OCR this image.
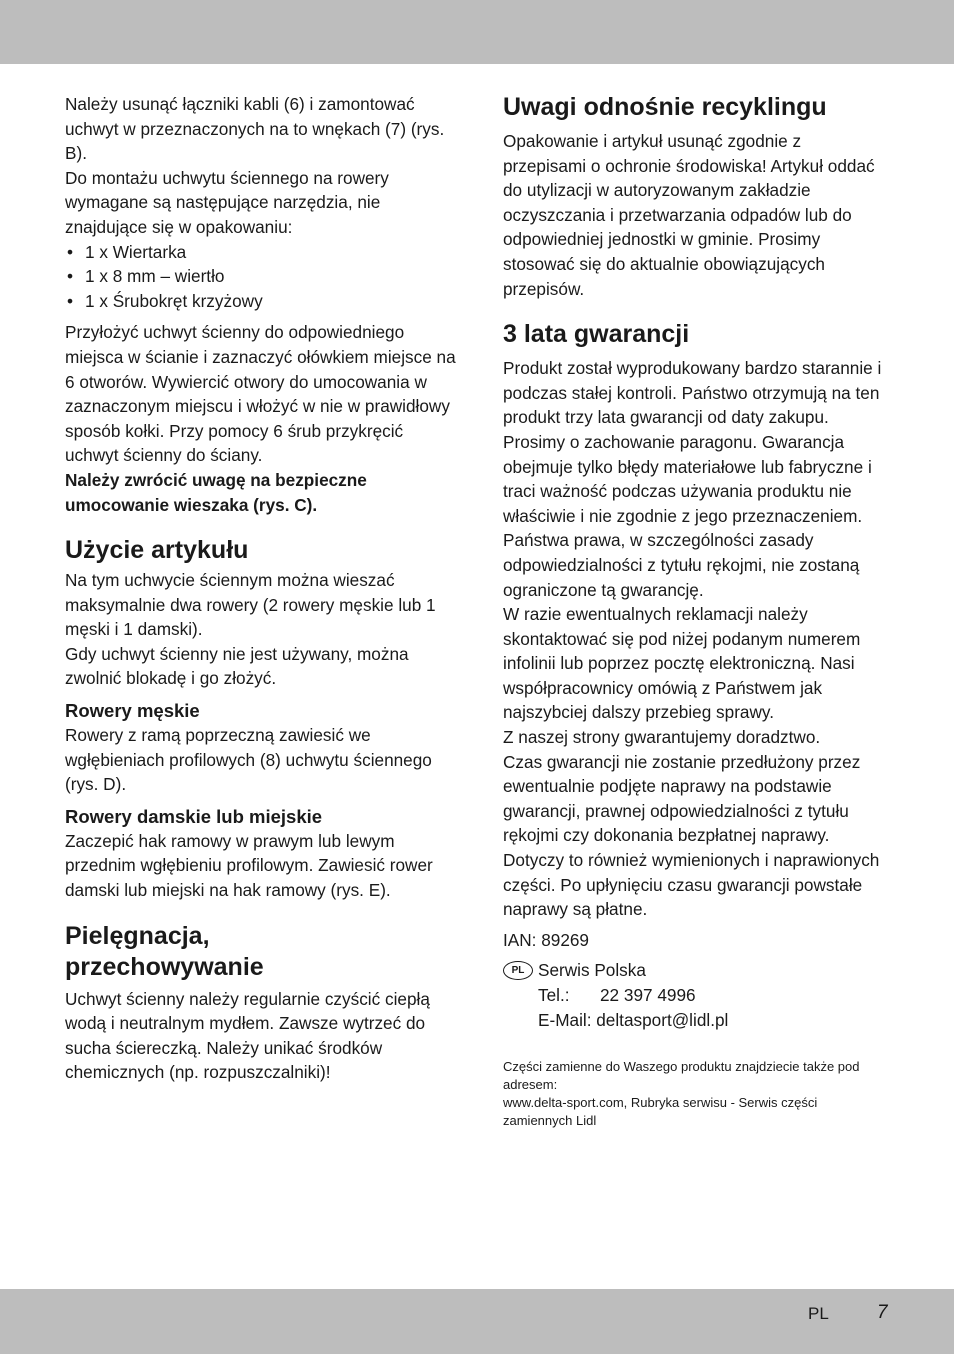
Należy usunąć łączniki kabli (6) i zamontować uchwyt w przeznaczonych na to wnękach (7) (rys. B).

Do montażu uchwytu ściennego na rowery wymagane są następujące narzędzia, nie znajdujące się w opakowaniu:

• 1 x Wiertarka
• 1 x 8 mm – wiertło
• 1 x Śrubokręt krzyżowy

Przyłożyć uchwyt ścienny do odpowiedniego miejsca w ścianie i zaznaczyć ołówkiem miejsce na 6 otworów. Wywiercić otwory do umocowania w zaznaczonym miejscu i włożyć w nie w prawidłowy sposób kołki. Przy pomocy 6 śrub przykręcić uchwyt ścienny do ściany.

Należy zwrócić uwagę na bezpieczne umocowanie wieszaka (rys. C).

Użycie artykułu

Na tym uchwycie ściennym można wieszać maksymalnie dwa rowery (2 rowery męskie lub 1 męski i 1 damski).

Gdy uchwyt ścienny nie jest używany, można zwolnić blokadę i go złożyć.

Rowery męskie

Rowery z ramą poprzeczną zawiesić we wgłębieniach profilowych (8) uchwytu ściennego (rys. D).

Rowery damskie lub miejskie

Zaczepić hak ramowy w prawym lub lewym przednim wgłębieniu profilowym. Zawiesić rower damski lub miejski na hak ramowy (rys. E).

Pielęgnacja,
przechowywanie

Uchwyt ścienny należy regularnie czyścić ciepłą wodą i neutralnym mydłem. Zawsze wytrzeć do sucha ściereczką. Należy unikać środków chemicznych (np. rozpuszczalniki)!

Uwagi odnośnie recyklingu

Opakowanie i artykuł usunąć zgodnie z przepisami o ochronie środowiska! Artykuł oddać do utylizacji w autoryzowanym zakładzie oczyszczania i przetwarzania odpadów lub do odpowiedniej jednostki w gminie. Prosimy stosować się do aktualnie obowiązujących przepisów.

3 lata gwarancji

Produkt został wyprodukowany bardzo starannie i podczas stałej kontroli. Państwo otrzymują na ten produkt trzy lata gwarancji od daty zakupu. Prosimy o zachowanie paragonu. Gwarancja obejmuje tylko błędy materiałowe lub fabryczne i traci ważność podczas używania produktu nie właściwie i nie zgodnie z jego przeznaczeniem. Państwa prawa, w szczególności zasady odpowiedzialności z tytułu rękojmi, nie zostaną ograniczone tą gwarancję.

W razie ewentualnych reklamacji należy skontaktować się pod niżej podanym numerem infolinii lub poprzez pocztę elektroniczną. Nasi współpracownicy omówią z Państwem jak najszybciej dalszy przebieg sprawy.

Z naszej strony gwarantujemy doradztwo.

Czas gwarancji nie zostanie przedłużony przez ewentualnie podjęte naprawy na podstawie gwarancji, prawnej odpowiedzialności z tytułu rękojmi czy dokonania bezpłatnej naprawy. Dotyczy to również wymienionych i naprawionych części. Po upłynięciu czasu gwarancji powstałe naprawy są płatne.

IAN: 89269

PL Serwis Polska

Tel.:	22 397 4996

E-Mail: deltasport@lidl.pl

Części zamienne do Waszego produktu znajdziecie także pod adresem:

www.delta-sport.com, Rubryka serwisu - Serwis części zamiennych Lidl

PL	7
